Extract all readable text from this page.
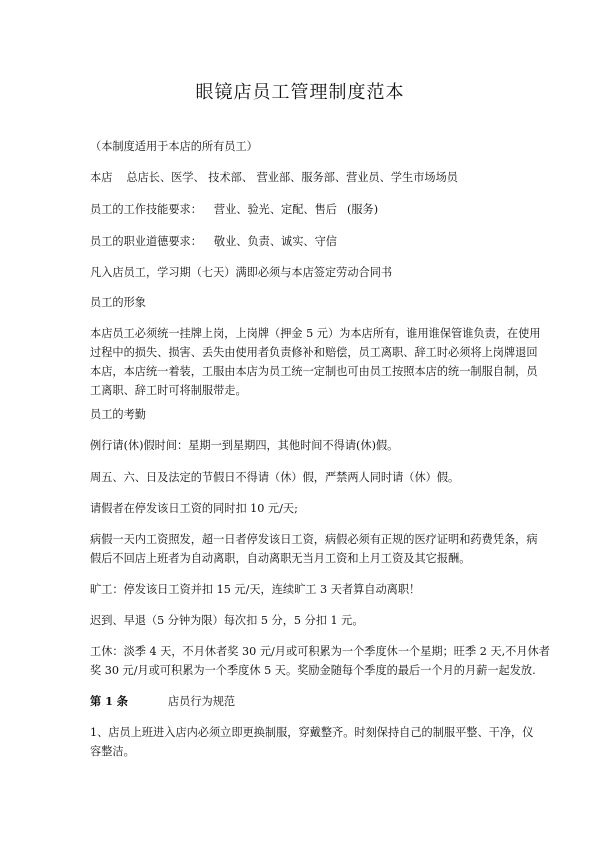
眼镜店员工管理制度范本
（本制度适用于本店的所有员工）
本店 总店长、医学、 技术部、 营业部、服务部、营业员、学生市场场员
员工的工作技能要求： 营业、验光、定配、售后 (服务)
员工的职业道德要求： 敬业、负责、诚实、守信
凡入店员工，学习期（七天）满即必须与本店签定劳动合同书
员工的形象
本店员工必须统一挂牌上岗，上岗牌（押金 5 元）为本店所有，谁用谁保管谁负责，在使用
过程中的损失、损害、丢失由使用者负责修补和赔偿，员工离职、辞工时必须将上岗牌退回
本店，本店统一着装，工服由本店为员工统一定制也可由员工按照本店的统一制服自制，员
工离职、辞工时可将制服带走。
员工的考勤
例行请(休)假时间：星期一到星期四，其他时间不得请(休)假。
周五、六、日及法定的节假日不得请（休）假，严禁两人同时请（休）假。
请假者在停发该日工资的同时扣 10 元/天;
病假一天内工资照发，超一日者停发该日工资，病假必须有正规的医疗证明和药费凭条，病
假后不回店上班者为自动离职，自动离职无当月工资和上月工资及其它报酬。
旷工：停发该日工资并扣 15 元/天，连续旷工 3 天者算自动离职！
迟到、早退（5 分钟为限）每次扣 5 分，5 分扣 1 元。
工休：淡季 4 天，不月休者奖 30 元/月或可积累为一个季度休一个星期；旺季 2 天,不月休者
奖 30 元/月或可积累为一个季度休 5 天。奖励金随每个季度的最后一个月的月薪一起发放.
第 1 条	店员行为规范
1、店员上班进入店内必须立即更换制服，穿戴整齐。时刻保持自己的制服平整、干净，仪
容整洁。
